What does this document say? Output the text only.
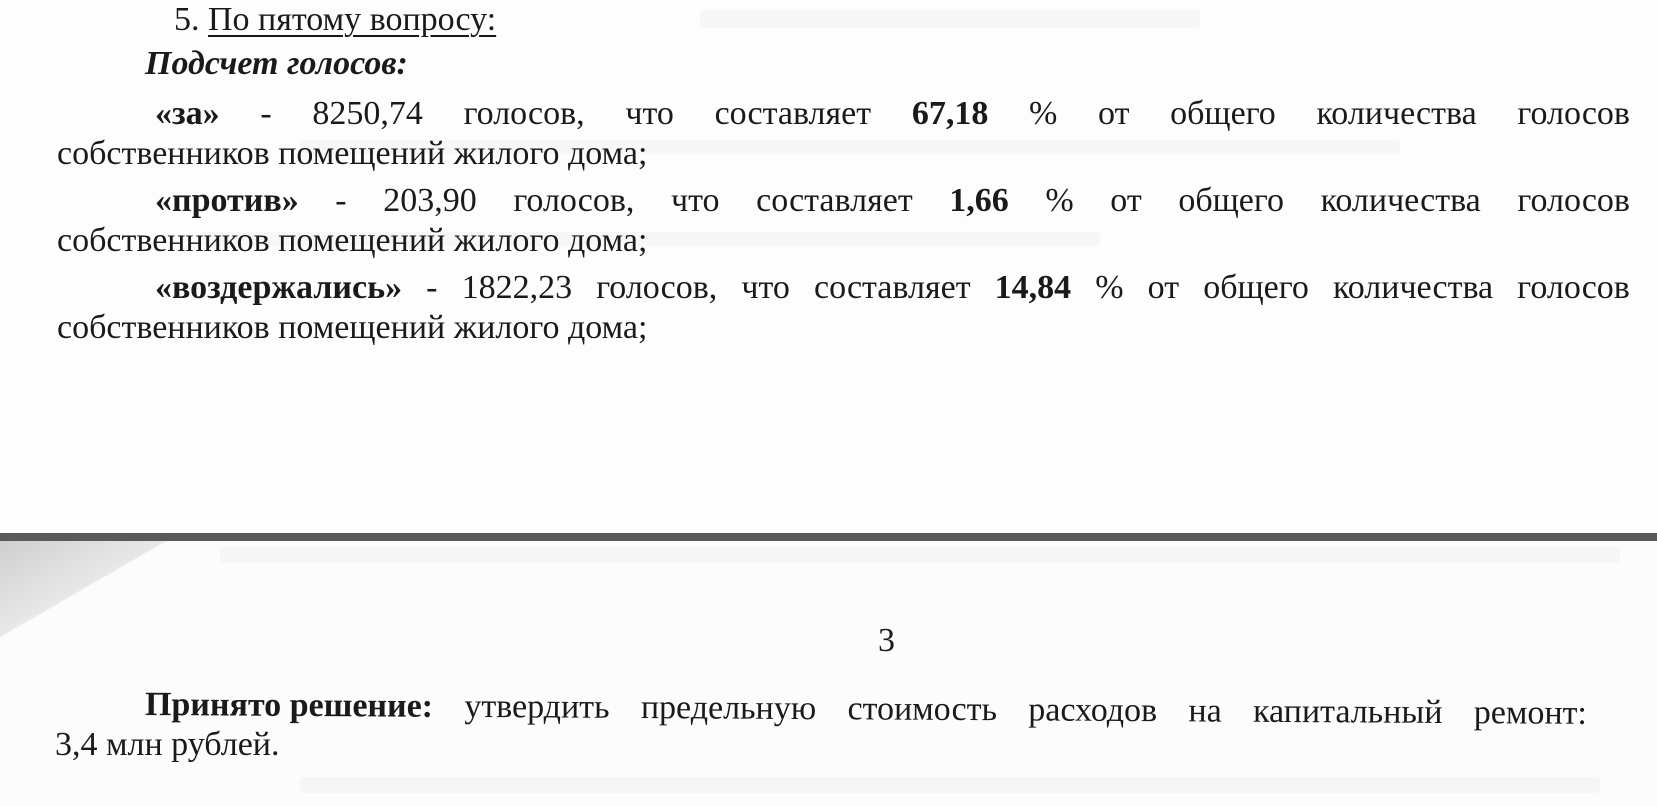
5. По пятому вопросу:
Подсчет голосов:
«за» - 8250,74 голосов, что составляет 67,18 % от общего количества голосов
собственников помещений жилого дома;
«против» - 203,90 голосов, что составляет 1,66 % от общего количества голосов
собственников помещений жилого дома;
«воздержались» - 1822,23 голосов, что составляет 14,84 % от общего количества голосов
собственников помещений жилого дома;
3
Принято решение: утвердить предельную стоимость расходов на капитальный ремонт:
3,4 млн рублей.
